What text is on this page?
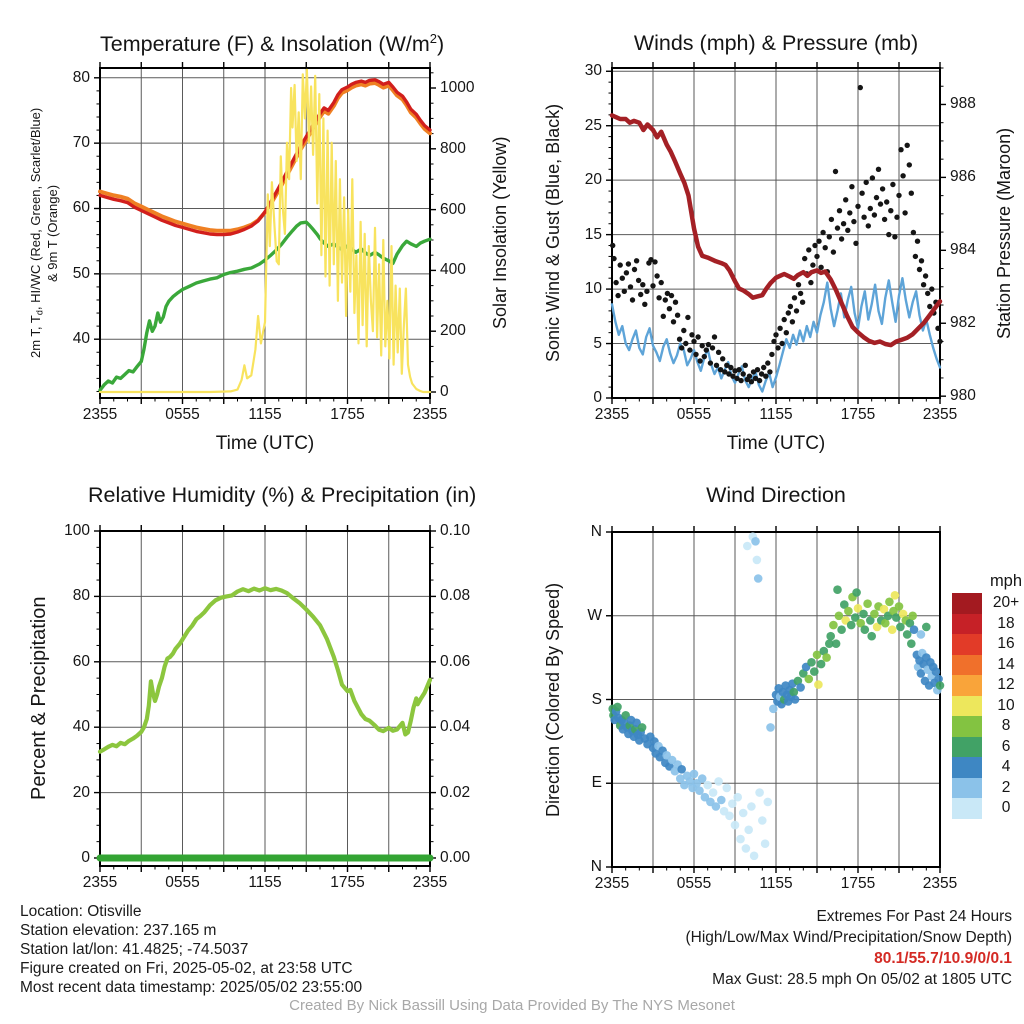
Temperature (F) & Insolation $(W/m^2)$	Winds (mph) & Pressure (mb)
Relative Humidity (%) & Precipitation (in)	Wind Direction
Time (UTC)	Time (UTC)
2m T, $T_d$, HI/WC (Red, Green, Scarlet/Blue) & 9m T (Orange)	Solar Insolation (Yellow) Sonic Wind & Gust (Blue, Black)	Station Pressure (Maroon)
Percent & Precipitation	Direction (Colored By Speed)
mph
20+
18
16
14
12
10
8
6
4
2
0
2355	0555	1155	1755	2355
40
50
60
70
80
0
200
400
600
800
1000
2355	0555	1155	1755	2355
0
5
10
15
20
25
30
980
982
984
986
988
2355	0555	1155	1755	2355
0
20
40
60
80
100
0.00
0.02
0.04
0.06
0.08
0.10
2355	0555	1155	1755	2355
N
W
S
E
N
Location: Otisville
Station elevation: 237.165 m
Station lat/lon: 41.4825; -74.5037
Figure created on Fri, 2025-05-02, at 23:58 UTC
Most recent data timestamp: 2025/05/02 23:55:00
Extremes For Past 24 Hours
(High/Low/Max Wind/Precipitation/Snow Depth)
80.1/55.7/10.9/0/0.1
Max Gust: 28.5 mph On 05/02 at 1805 UTC
Created By Nick Bassill Using Data Provided By The NYS Mesonet
